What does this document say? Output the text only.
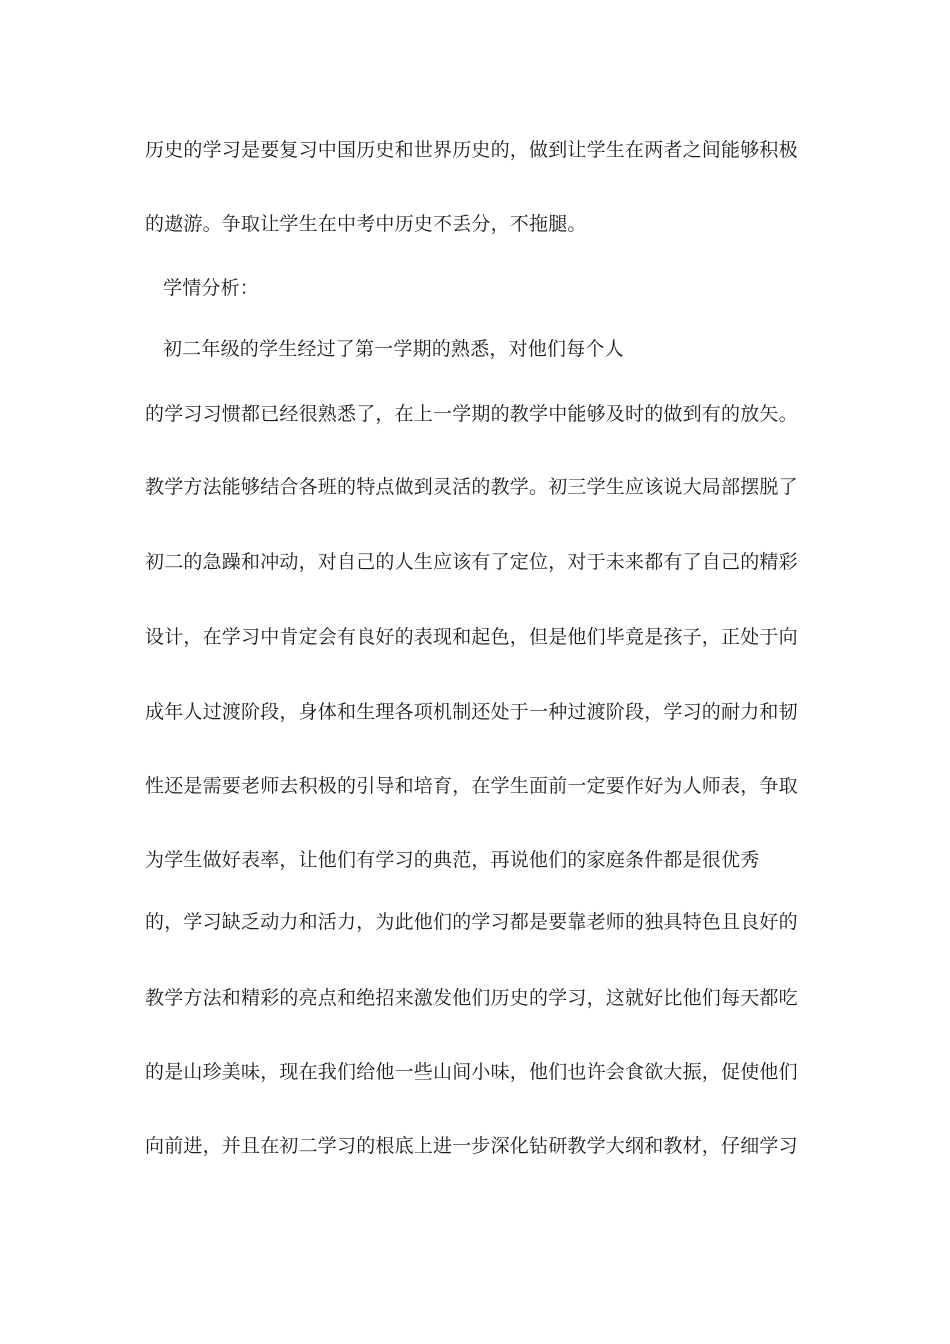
历史的学习是要复习中国历史和世界历史的，做到让学生在两者之间能够积极
的遨游。争取让学生在中考中历史不丢分，不拖腿。
学情分析：
初二年级的学生经过了第一学期的熟悉，对他们每个人
的学习习惯都已经很熟悉了，在上一学期的教学中能够及时的做到有的放矢。
教学方法能够结合各班的特点做到灵活的教学。初三学生应该说大局部摆脱了
初二的急躁和冲动，对自己的人生应该有了定位，对于未来都有了自己的精彩
设计，在学习中肯定会有良好的表现和起色，但是他们毕竟是孩子，正处于向
成年人过渡阶段，身体和生理各项机制还处于一种过渡阶段，学习的耐力和韧
性还是需要老师去积极的引导和培育，在学生面前一定要作好为人师表，争取
为学生做好表率，让他们有学习的典范，再说他们的家庭条件都是很优秀
的，学习缺乏动力和活力，为此他们的学习都是要靠老师的独具特色且良好的
教学方法和精彩的亮点和绝招来激发他们历史的学习，这就好比他们每天都吃
的是山珍美味，现在我们给他一些山间小味，他们也许会食欲大振，促使他们
向前进，并且在初二学习的根底上进一步深化钻研教学大纲和教材，仔细学习
